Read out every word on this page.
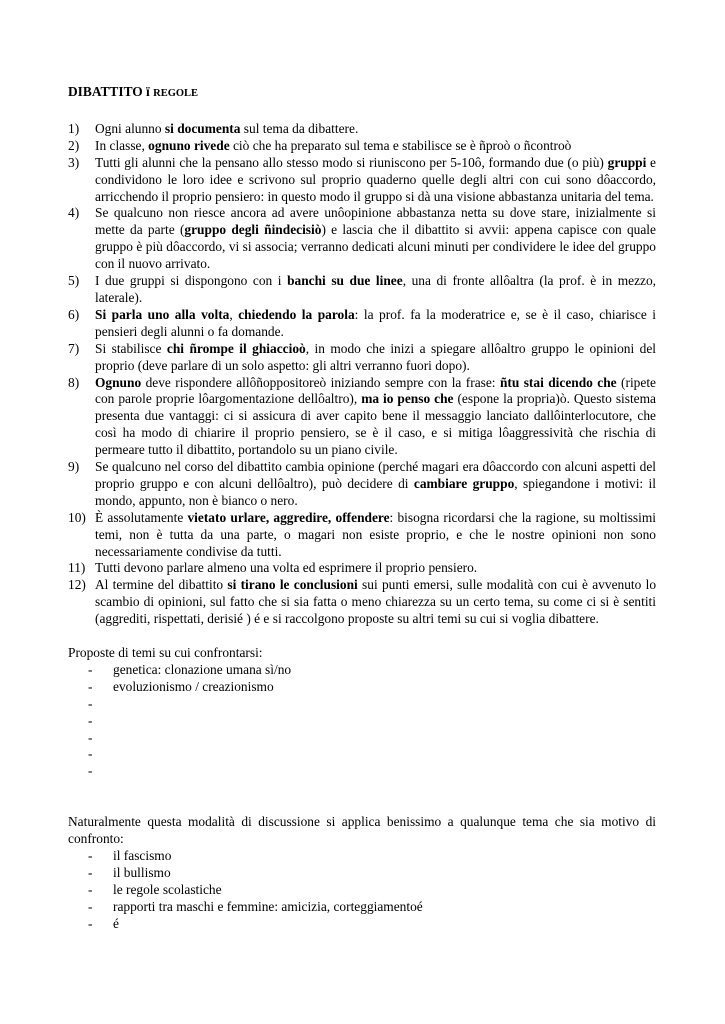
DIBATTITO ï REGOLE
1) Ogni alunno si documenta sul tema da dibattere.
2) In classe, ognuno rivede ciò che ha preparato sul tema e stabilisce se è ñproò o ñcontroò
3) Tutti gli alunni che la pensano allo stesso modo si riuniscono per 5-10ô, formando due (o più) gruppi e condividono le loro idee e scrivono sul proprio quaderno quelle degli altri con cui sono dôaccordo, arricchendo il proprio pensiero: in questo modo il gruppo si dà una visione abbastanza unitaria del tema.
4) Se qualcuno non riesce ancora ad avere unôopinione abbastanza netta su dove stare, inizialmente si mette da parte (gruppo degli ñindecisiò) e lascia che il dibattito si avvii: appena capisce con quale gruppo è più dôaccordo, vi si associa; verranno dedicati alcuni minuti per condividere le idee del gruppo con il nuovo arrivato.
5) I due gruppi si dispongono con i banchi su due linee, una di fronte allôaltra (la prof. è in mezzo, laterale).
6) Si parla uno alla volta, chiedendo la parola: la prof. fa la moderatrice e, se è il caso, chiarisce i pensieri degli alunni o fa domande.
7) Si stabilisce chi ñrompe il ghiaccioò, in modo che inizi a spiegare allôaltro gruppo le opinioni del proprio (deve parlare di un solo aspetto: gli altri verranno fuori dopo).
8) Ognuno deve rispondere allôñoppositoreò iniziando sempre con la frase: ñtu stai dicendo che (ripete con parole proprie lôargomentazione dellôaltro), ma io penso che (espone la propria)ò. Questo sistema presenta due vantaggi: ci si assicura di aver capito bene il messaggio lanciato dallôinterlocutore, che così ha modo di chiarire il proprio pensiero, se è il caso, e si mitiga lôaggressività che rischia di permeare tutto il dibattito, portandolo su un piano civile.
9) Se qualcuno nel corso del dibattito cambia opinione (perché magari era dôaccordo con alcuni aspetti del proprio gruppo e con alcuni dellôaltro), può decidere di cambiare gruppo, spiegandone i motivi: il mondo, appunto, non è bianco o nero.
10) È assolutamente vietato urlare, aggredire, offendere: bisogna ricordarsi che la ragione, su moltissimi temi, non è tutta da una parte, o magari non esiste proprio, e che le nostre opinioni non sono necessariamente condivise da tutti.
11) Tutti devono parlare almeno una volta ed esprimere il proprio pensiero.
12) Al termine del dibattito si tirano le conclusioni sui punti emersi, sulle modalità con cui è avvenuto lo scambio di opinioni, sul fatto che si sia fatta o meno chiarezza su un certo tema, su come ci si è sentiti (aggrediti, rispettati, derisié ) é e si raccolgono proposte su altri temi su cui si voglia dibattere.
Proposte di temi su cui confrontarsi:
- genetica: clonazione umana sì/no
- evoluzionismo / creazionismo
-
-
-
-
-
Naturalmente questa modalità di discussione si applica benissimo a qualunque tema che sia motivo di confronto:
- il fascismo
- il bullismo
- le regole scolastiche
- rapporti tra maschi e femmine: amicizia, corteggiamentoé
- é
